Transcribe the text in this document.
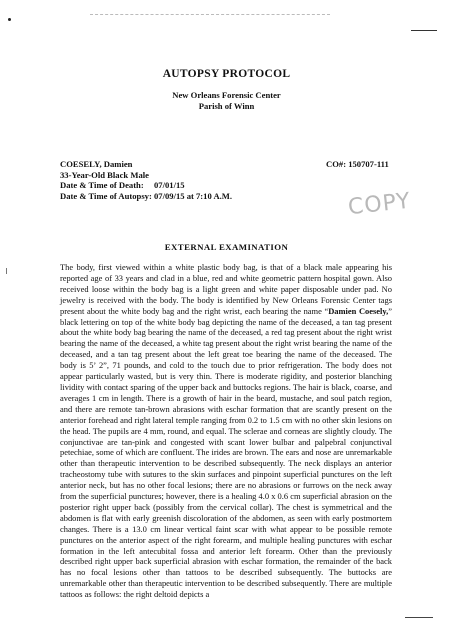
AUTOPSY PROTOCOL
New Orleans Forensic Center
Parish of Winn
COESELY, Damien	CO#: 150707-111
33-Year-Old Black Male
Date & Time of Death: 07/01/15
Date & Time of Autopsy: 07/09/15 at 7:10 A.M.	COPY
EXTERNAL EXAMINATION
The body, first viewed within a white plastic body bag, is that of a black male appearing his reported age of 33 years and clad in a blue, red and white geometric pattern hospital gown. Also received loose within the body bag is a light green and white paper disposable under pad. No jewelry is received with the body. The body is identified by New Orleans Forensic Center tags present about the white body bag and the right wrist, each bearing the name “Damien Coesely,” black lettering on top of the white body bag depicting the name of the deceased, a tan tag present about the white body bag bearing the name of the deceased, a red tag present about the right wrist bearing the name of the deceased, a white tag present about the right wrist bearing the name of the deceased, and a tan tag present about the left great toe bearing the name of the deceased. The body is 5’ 2”, 71 pounds, and cold to the touch due to prior refrigeration. The body does not appear particularly wasted, but is very thin. There is moderate rigidity, and posterior blanching lividity with contact sparing of the upper back and buttocks regions. The hair is black, coarse, and averages 1 cm in length. There is a growth of hair in the beard, mustache, and soul patch region, and there are remote tan-brown abrasions with eschar formation that are scantly present on the anterior forehead and right lateral temple ranging from 0.2 to 1.5 cm with no other skin lesions on the head. The pupils are 4 mm, round, and equal. The sclerae and corneas are slightly cloudy. The conjunctivae are tan-pink and congested with scant lower bulbar and palpebral conjunctival petechiae, some of which are confluent. The irides are brown. The ears and nose are unremarkable other than therapeutic intervention to be described subsequently. The neck displays an anterior tracheostomy tube with sutures to the skin surfaces and pinpoint superficial punctures on the left anterior neck, but has no other focal lesions; there are no abrasions or furrows on the neck away from the superficial punctures; however, there is a healing 4.0 x 0.6 cm superficial abrasion on the posterior right upper back (possibly from the cervical collar). The chest is symmetrical and the abdomen is flat with early greenish discoloration of the abdomen, as seen with early postmortem changes. There is a 13.0 cm linear vertical faint scar with what appear to be possible remote punctures on the anterior aspect of the right forearm, and multiple healing punctures with eschar formation in the left antecubital fossa and anterior left forearm. Other than the previously described right upper back superficial abrasion with eschar formation, the remainder of the back has no focal lesions other than tattoos to be described subsequently. The buttocks are unremarkable other than therapeutic intervention to be described subsequently. There are multiple tattoos as follows: the right deltoid depicts a
